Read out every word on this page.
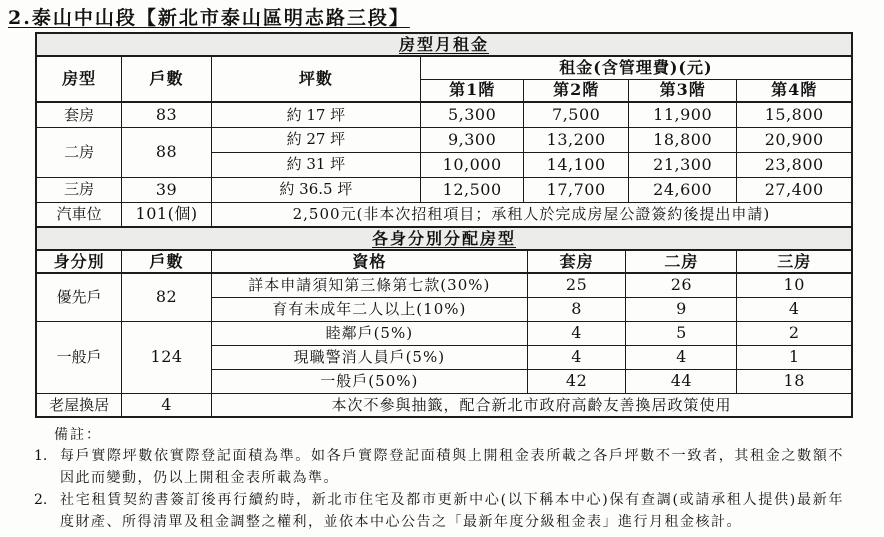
2.泰山中山段【新北市泰山區明志路三段】
房型月租金						
房型	戶數	坪數	租金(含管理費)(元)			
			第1階	第2階	第3階	第4階
套房	83	約 17 坪	5,300	7,500	11,900	15,800
二房	88	約 27 坪	9,300	13,200	18,800	20,900
		約 31 坪	10,000	14,100	21,300	23,800
三房	39	約 36.5 坪	12,500	17,700	24,600	27,400
汽車位	101(個)	2,500元(非本次招租項目；承租人於完成房屋公證簽約後提出申請)				
各身分別分配房型					
身分別	戶數	資格	套房	二房	三房
優先戶	82	詳本申請須知第三條第七款(30%)	25	26	10
		育有未成年二人以上(10%)	8	9	4
一般戶	124	睦鄰戶(5%)	4	5	2
		現職警消人員戶(5%)	4	4	1
		一般戶(50%)	42	44	18
老屋換居	4	本次不參與抽籤，配合新北市政府高齡友善換居政策使用			
備註：
1. 每戶實際坪數依實際登記面積為準。如各戶實際登記面積與上開租金表所載之各戶坪數不一致者，其租金之數額不因此而變動，仍以上開租金表所載為準。
2. 社宅租賃契約書簽訂後再行續約時，新北市住宅及都市更新中心(以下稱本中心)保有查調(或請承租人提供)最新年度財產、所得清單及租金調整之權利，並依本中心公告之「最新年度分級租金表」進行月租金核計。
